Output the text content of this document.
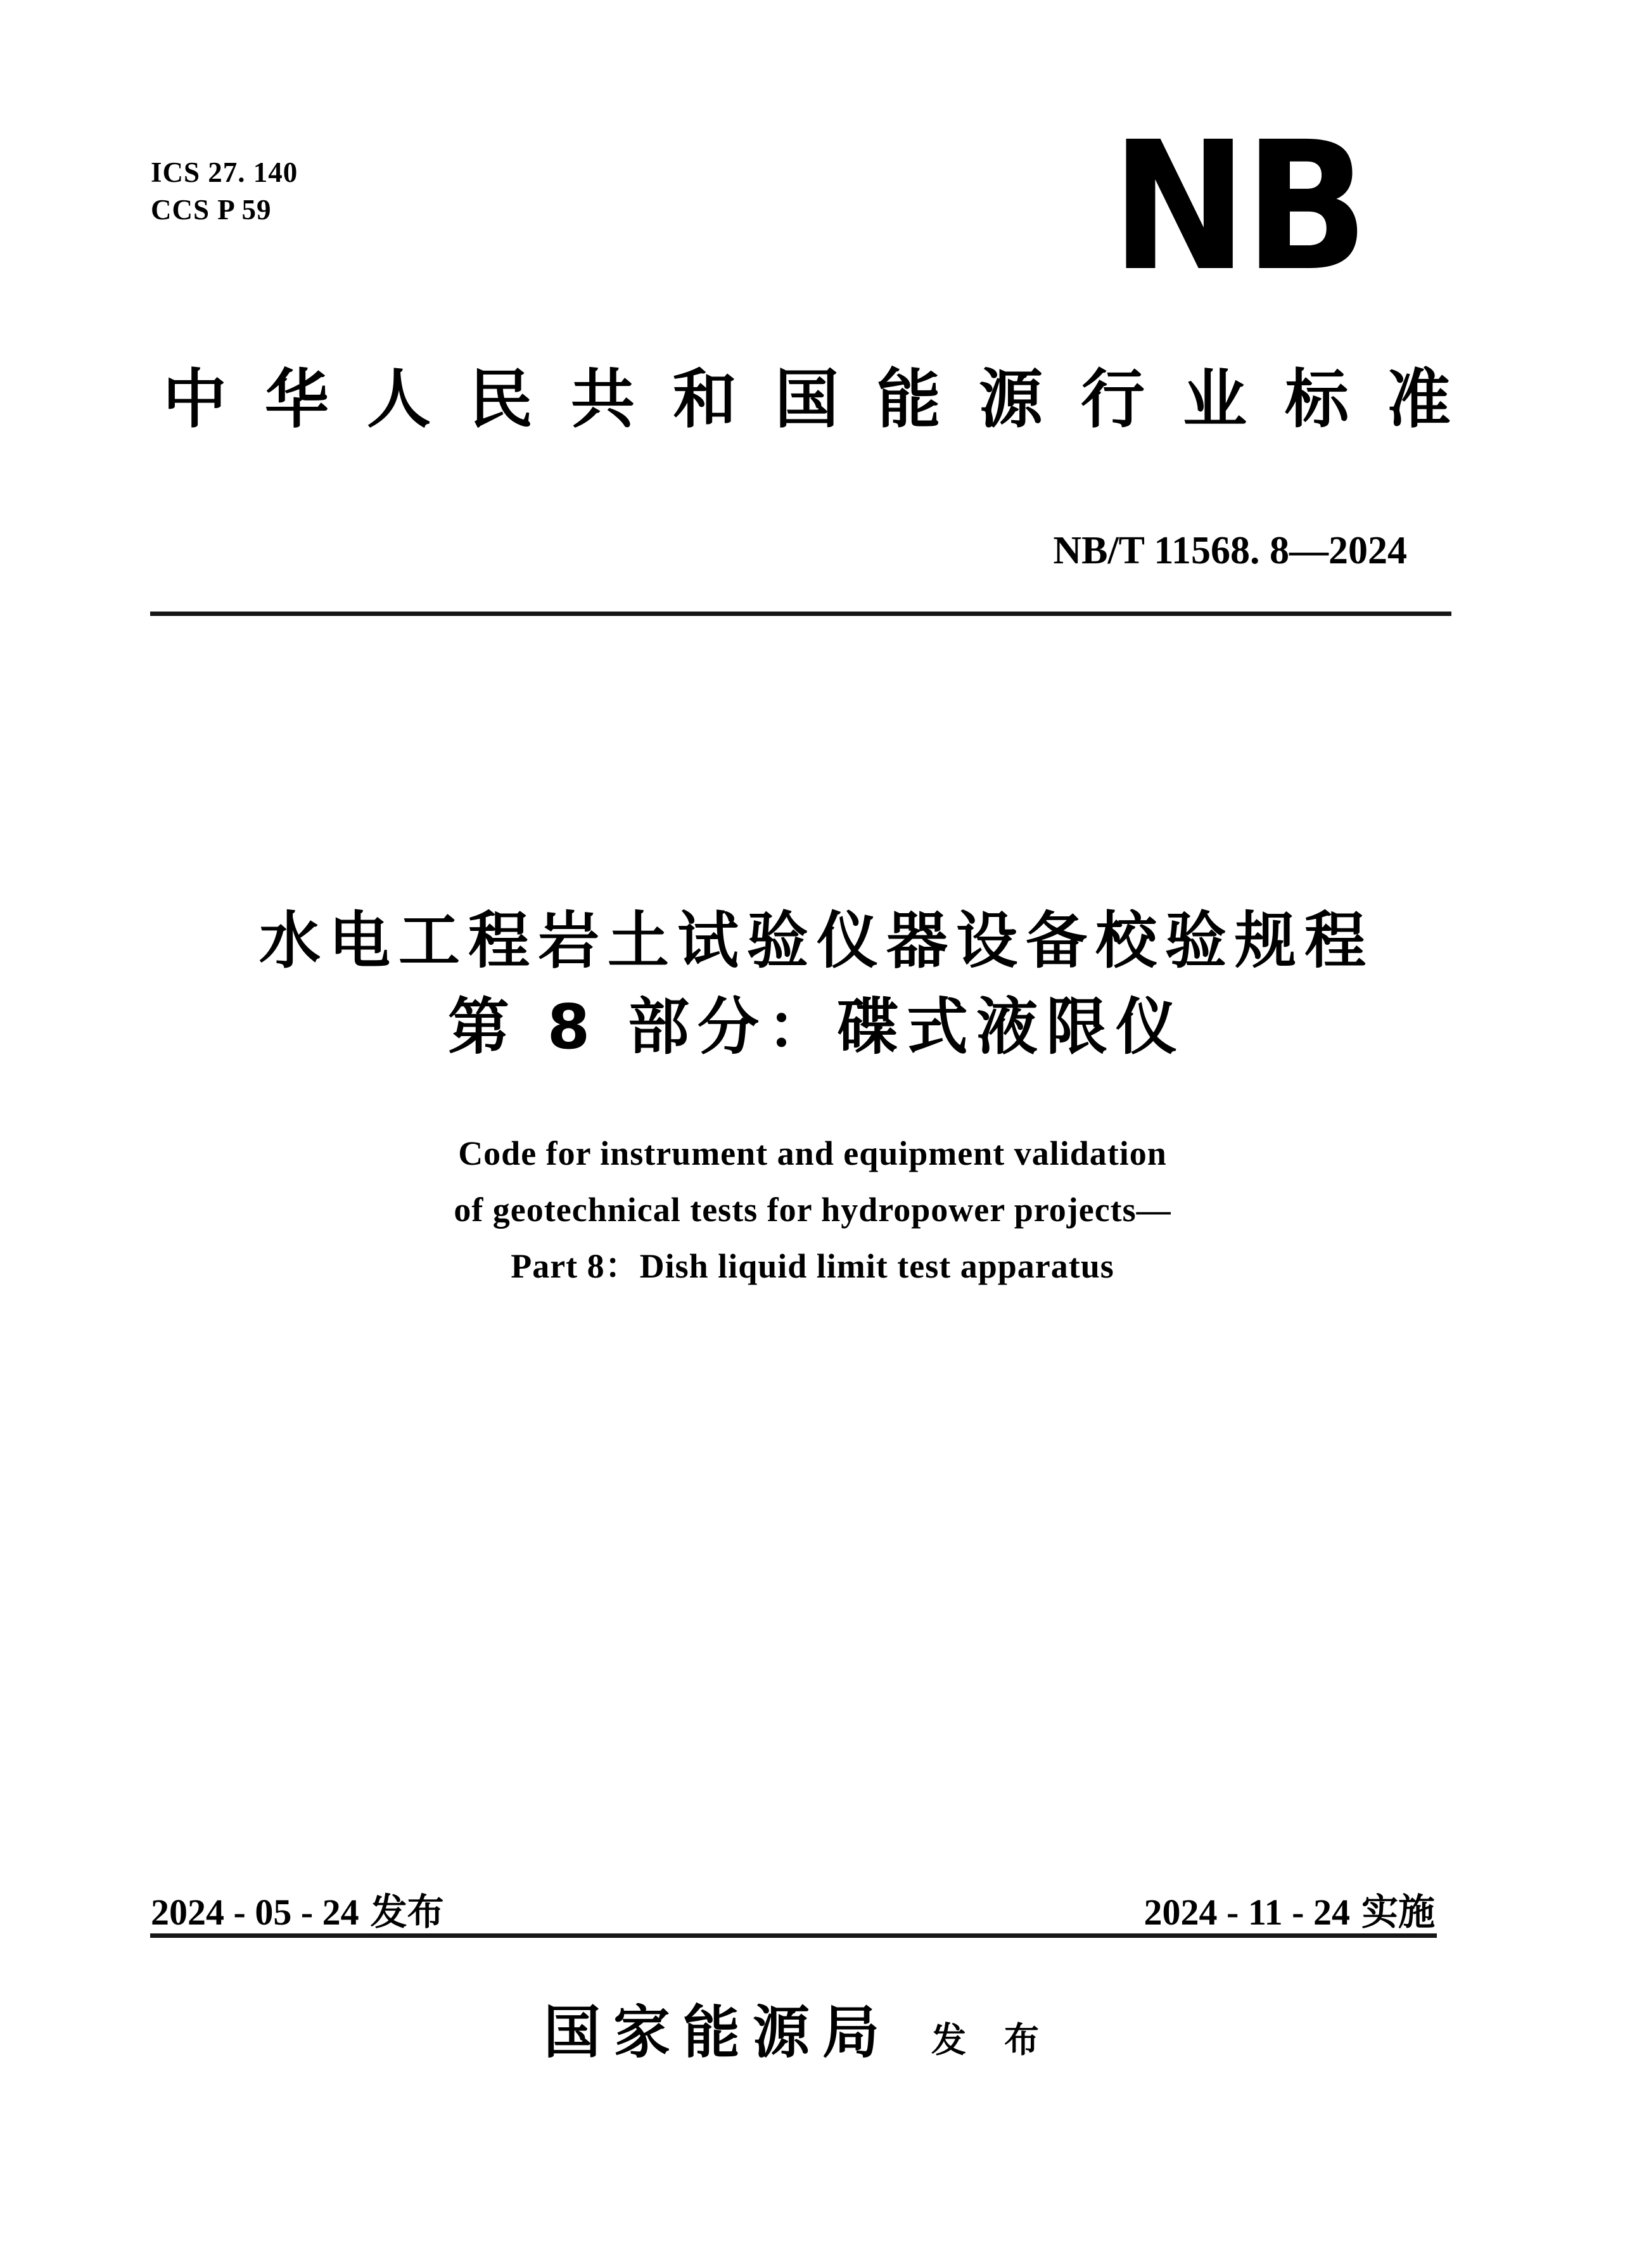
ICS 27. 140
CCS P 59	NB
中华人民共和国能源行业标准
NB/T 11568. 8—2024
水电工程岩土试验仪器设备校验规程
第 8 部分：碟式液限仪
Code for instrument and equipment validation
of geotechnical tests for hydropower projects—
Part 8：Dish liquid limit test apparatus
2024 - 05 - 24 发布	2024 - 11 - 24 实施
国家能源局 发布
